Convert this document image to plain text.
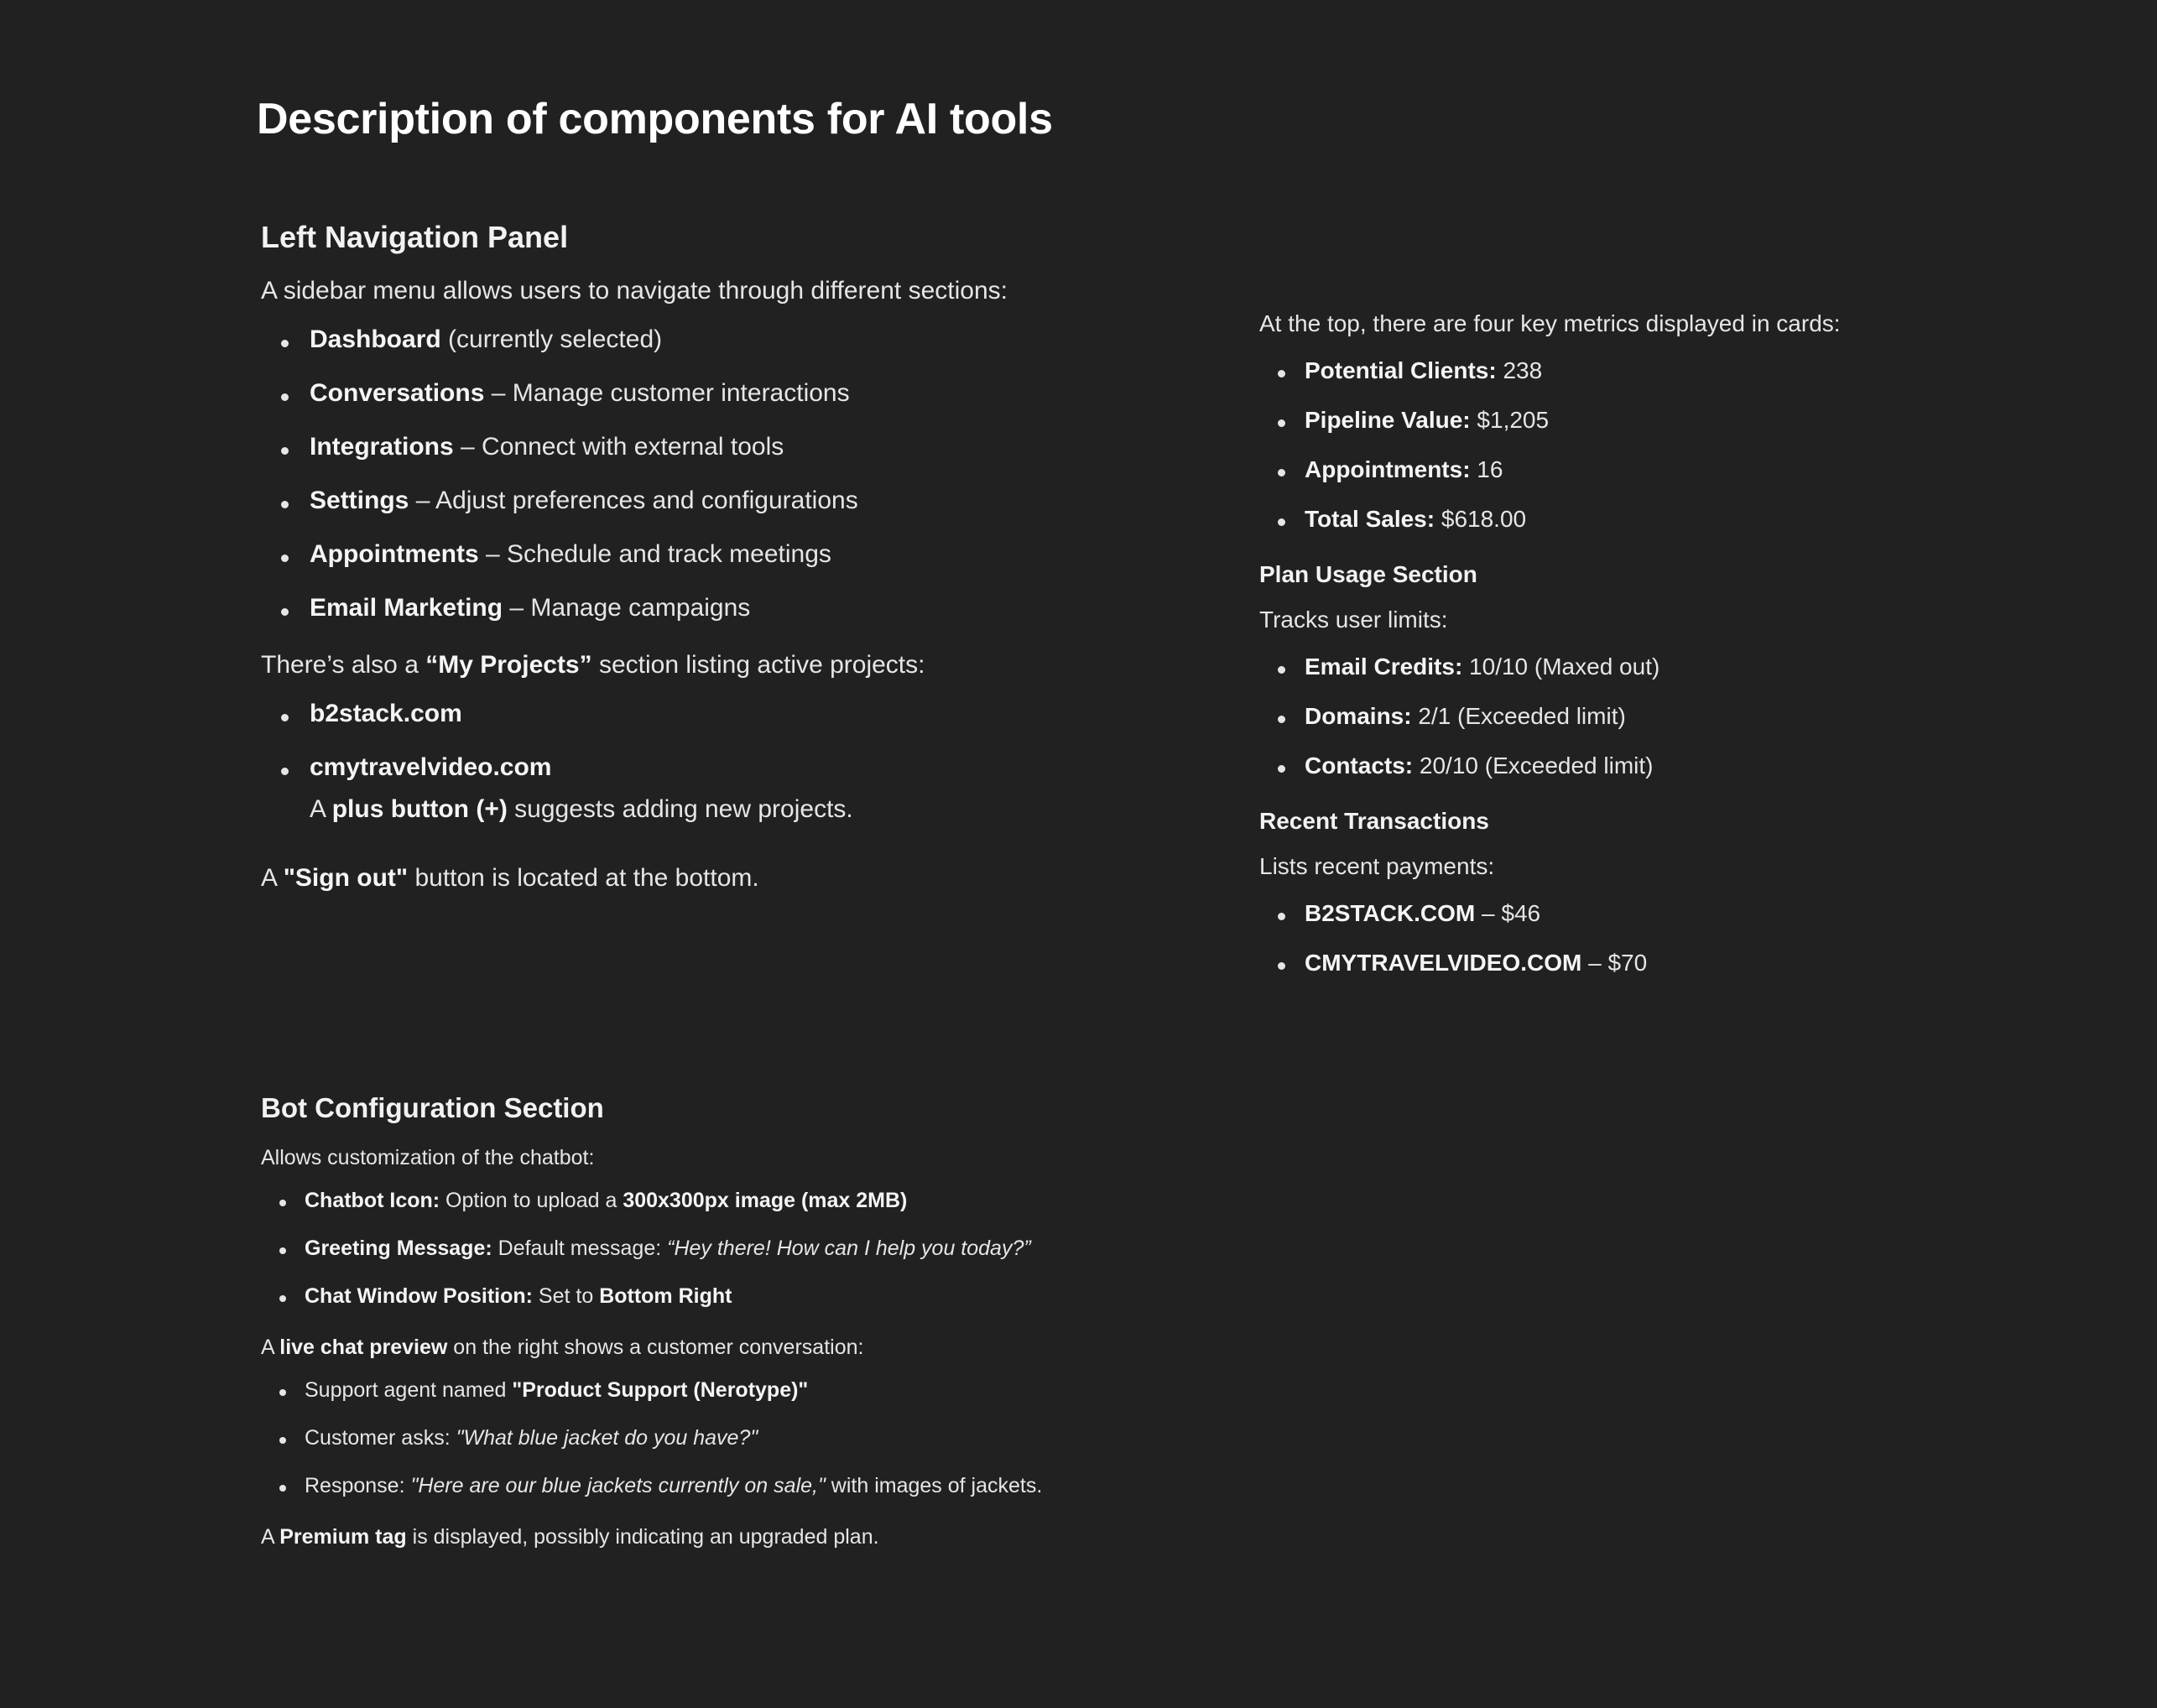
Description of components for AI tools
Left Navigation Panel

A sidebar menu allows users to navigate through different sections:

Dashboard (currently selected)
Conversations – Manage customer interactions
Integrations – Connect with external tools
Settings – Adjust preferences and configurations
Appointments – Schedule and track meetings
Email Marketing – Manage campaigns

There’s also a “My Projects” section listing active projects:

b2stack.com
cmytravelvideo.com

A plus button (+) suggests adding new projects.

A "Sign out" button is located at the bottom.

At the top, there are four key metrics displayed in cards:

Potential Clients: 238
Pipeline Value: $1,205
Appointments: 16
Total Sales: $618.00
Plan Usage Section

Tracks user limits:

Email Credits: 10/10 (Maxed out)
Domains: 2/1 (Exceeded limit)
Contacts: 20/10 (Exceeded limit)
Recent Transactions

Lists recent payments:

B2STACK.COM – $46
CMYTRAVELVIDEO.COM – $70
Bot Configuration Section

Allows customization of the chatbot:

Chatbot Icon: Option to upload a 300x300px image (max 2MB)
Greeting Message: Default message: “Hey there! How can I help you today?”
Chat Window Position: Set to Bottom Right

A live chat preview on the right shows a customer conversation:

Support agent named "Product Support (Nerotype)"
Customer asks: "What blue jacket do you have?"
Response: "Here are our blue jackets currently on sale," with images of jackets.

A Premium tag is displayed, possibly indicating an upgraded plan.
